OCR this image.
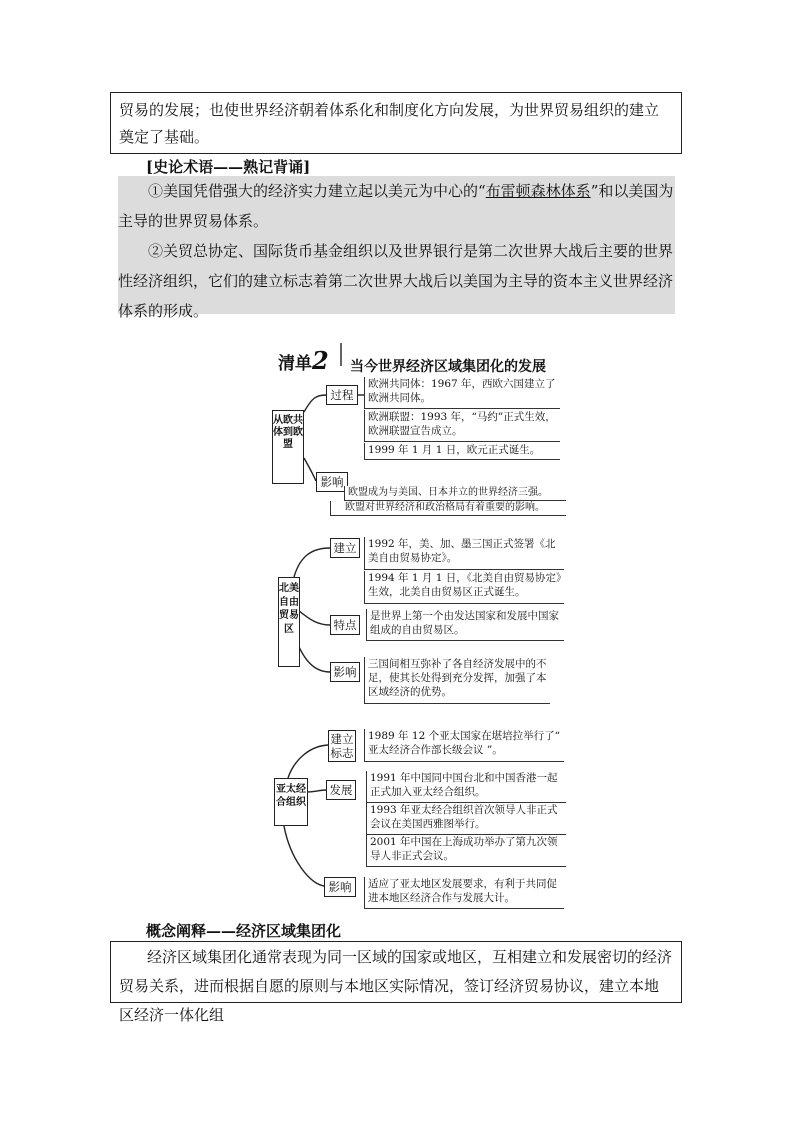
贸易的发展；也使世界经济朝着体系化和制度化方向发展，为世界贸易组织的建立奠定了基础。
[史论术语——熟记背诵]

①美国凭借强大的经济实力建立起以美元为中心的“布雷顿森林体系”和以美国为主导的世界贸易体系。

②关贸总协定、国际货币基金组织以及世界银行是第二次世界大战后主要的世界性经济组织，它们的建立标志着第二次世界大战后以美国为主导的资本主义世界经济体系的形成。

清单2 当今世界经济区域集团化的发展
从欧共体到欧盟
过程
欧洲共同体：1967 年，西欧六国建立了欧洲共同体。
欧洲联盟：1993 年，“马约”正式生效，欧洲联盟宣告成立。
1999 年 1 月 1 日，欧元正式诞生。
影响
欧盟成为与美国、日本并立的世界经济三强。
欧盟对世界经济和政治格局有着重要的影响。
北美自由贸易区
建立	1992 年，美、加、墨三国正式签署《北美自由贸易协定》。
1994 年 1 月 1 日，《北美自由贸易协定》生效，北美自由贸易区正式诞生。
特点
是世界上第一个由发达国家和发展中国家组成的自由贸易区。
影响
三国间相互弥补了各自经济发展中的不足，使其长处得到充分发挥，加强了本区域经济的优势。
亚太经合组织
建立标志
1989 年 12 个亚太国家在堪培拉举行了“ 亚太经济合作部长级会议 ”。
发展
1991 年中国同中国台北和中国香港一起正式加入亚太经合组织。
1993 年亚太经合组织首次领导人非正式会议在美国西雅图举行。
2001 年中国在上海成功举办了第九次领导人非正式会议。
影响	适应了亚太地区发展要求，有利于共同促进本地区经济合作与发展大计。
概念阐释——经济区域集团化

经济区域集团化通常表现为同一区域的国家或地区，互相建立和发展密切的经济贸易关系，进而根据自愿的原则与本地区实际情况，签订经济贸易协议，建立本地区经济一体化组
